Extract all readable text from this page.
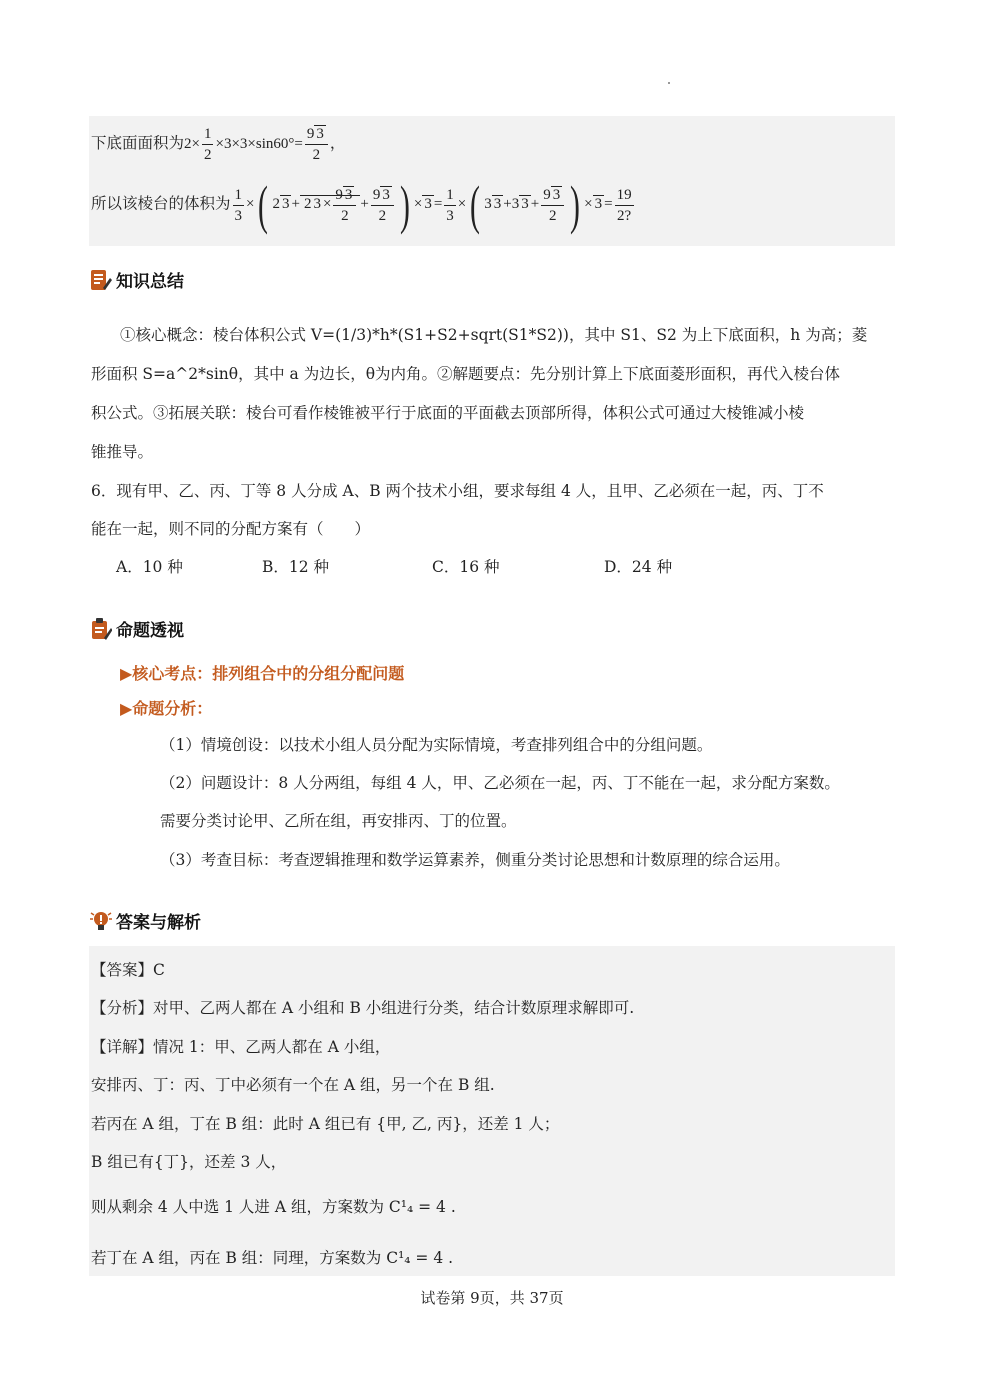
下底面面积为$2\times \frac{1}{2} \times 3\times 3\times\sin 60^\circ= \frac{9 3}{2}$ ，
所以该棱台的体积为 $\frac{1}{3}$ ×( 2 3 + 2 $3 \times \frac{9 3}{2} + \frac{9 3}{2}$ ) × $3 = \frac{1}{3}$ ×( 3 3 +3 $3 + \frac{9 3}{2}$ ) × $3 = \frac{19}{2?}$
知识总结
①核心概念：棱台体积公式 V=(1/3)*h*(S1+S2+sqrt(S1*S2))，其中 S1、S2 为上下底面积，h 为高；菱
形面积 S=a^2*sinθ，其中 a 为边长，θ为内角。②解题要点：先分别计算上下底面菱形面积，再代入棱台体
积公式。③拓展关联：棱台可看作棱锥被平行于底面的平面截去顶部所得，体积公式可通过大棱锥减小棱
锥推导。
6．现有甲、乙、丙、丁等 8 人分成 A、B 两个技术小组，要求每组 4 人，且甲、乙必须在一起，丙、丁不
能在一起，则不同的分配方案有（　　）
A．10 种	B．12 种	C．16 种	D．24 种
命题透视
▶核心考点：排列组合中的分组分配问题
▶命题分析：
（1）情境创设：以技术小组人员分配为实际情境，考查排列组合中的分组问题。
（2）问题设计：8 人分两组，每组 4 人，甲、乙必须在一起，丙、丁不能在一起，求分配方案数。
需要分类讨论甲、乙所在组，再安排丙、丁的位置。
（3）考查目标：考查逻辑推理和数学运算素养，侧重分类讨论思想和计数原理的综合运用。
答案与解析
【答案】C
【分析】对甲、乙两人都在 A 小组和 B 小组进行分类，结合计数原理求解即可.
【详解】情况 1：甲、乙两人都在 A 小组，
安排丙、丁：丙、丁中必须有一个在 A 组，另一个在 B 组.
若丙在 A 组，丁在 B 组：此时 A 组已有 {甲, 乙, 丙}，还差 1 人；
B 组已有{丁}，还差 3 人，
则从剩余 4 人中选 1 人进 A 组，方案数为 C¹₄ = 4 .
若丁在 A 组，丙在 B 组：同理，方案数为 C¹₄ = 4 .
试卷第 9页，共 37页
